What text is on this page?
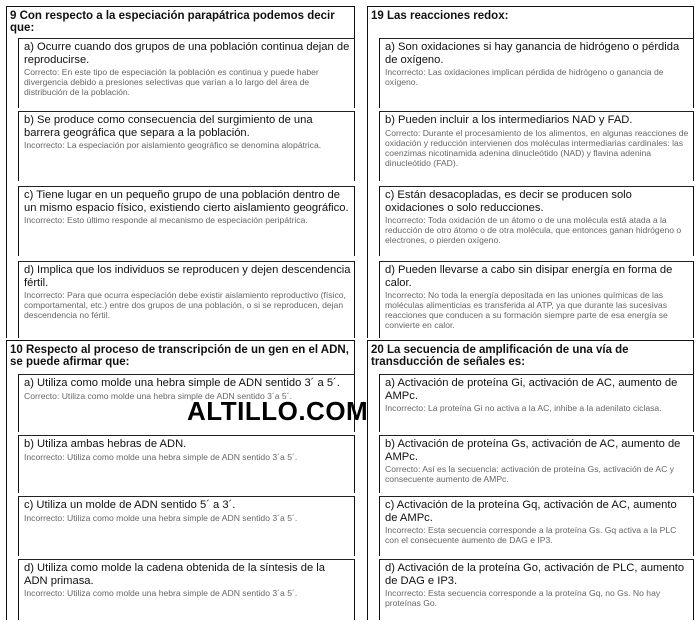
9 Con respecto a la especiación parapátrica podemos decir que:
a) Ocurre cuando dos grupos de una población continua dejan de reproducirse.
Correcto: En este tipo de especiación la población es continua y puede haber divergencia debido a presiones selectivas que varían a lo largo del área de distribución de la población.
b) Se produce como consecuencia del surgimiento de una barrera geográfica que separa a la población.
Incorrecto: La especiación por aislamiento geográfico se denomina alopátrica.
c) Tiene lugar en un pequeño grupo de una población dentro de un mismo espacio físico, existiendo cierto aislamiento geográfico.
Incorrecto: Esto último responde al mecanismo de especiación peripátrica.
d) Implica que los individuos se reproducen y dejen descendencia fértil.
Incorrecto: Para que ocurra especiación debe existir aislamiento reproductivo (físico, comportamental, etc.) entre dos grupos de una población, o si se reproducen, dejan descendencia no fértil.
10 Respecto al proceso de transcripción de un gen en el ADN, se puede afirmar que:
a) Utiliza como molde una hebra simple de ADN sentido 3´ a 5´.
Correcto: Utiliza como molde una hebra simple de ADN sentido 3´a 5´.
b) Utiliza ambas hebras de ADN.
Incorrecto: Utiliza como molde una hebra simple de ADN sentido 3´a 5´.
c) Utiliza un molde de ADN sentido 5´ a 3´.
Incorrecto: Utiliza como molde una hebra simple de ADN sentido 3´a 5´.
d) Utiliza como molde la cadena obtenida de la síntesis de la ADN primasa.
Incorrecto: Utiliza como molde una hebra simple de ADN sentido 3´a 5´.
19 Las reacciones redox:
a) Son oxidaciones si hay ganancia de hidrógeno o pérdida de oxígeno.
Incorrecto: Las oxidaciones implican pérdida de hidrógeno o ganancia de oxígeno.
b) Pueden incluir a los intermediarios NAD y FAD.
Correcto: Durante el procesamiento de los alimentos, en algunas reacciones de oxidación y reducción intervienen dos moléculas intermediarias cardinales: las coenzimas nicotinamida adenina dinucleótido (NAD) y flavina adenina dinucleótido (FAD).
c) Están desacopladas, es decir se producen solo oxidaciones o solo reducciones.
Incorrecto: Toda oxidación de un átomo o de una molécula está atada a la reducción de otro átomo o de otra molécula, que entonces ganan hidrógeno o electrones, o pierden oxígeno.
d) Pueden llevarse a cabo sin disipar energía en forma de calor.
Incorrecto: No toda la energía depositada en las uniones químicas de las moléculas alimenticias es transferida al ATP, ya que durante las sucesivas reacciones que conducen a su formación siempre parte de esa energía se convierte en calor.
20 La secuencia de amplificación de una vía de transducción de señales es:
a) Activación de proteína Gi, activación de AC, aumento de AMPc.
Incorrecto: La proteína Gi no activa a la AC, inhibe a la adenilato ciclasa.
b) Activación de proteína Gs, activación de AC, aumento de AMPc.
Correcto: Así es la secuencia: activación de proteína Gs, activación de AC y consecuente aumento de AMPc.
c) Activación de la proteína Gq, activación de AC, aumento de AMPc.
Incorrecto: Esta secuencia corresponde a la proteína Gs. Gq activa a la PLC con el consecuente aumento de DAG e IP3.
d) Activación de la proteína Go, activación de PLC, aumento de DAG e IP3.
Incorrecto: Esta secuencia corresponde a la proteína Gq, no Gs. No hay proteínas Go.
ALTILLO.COM
